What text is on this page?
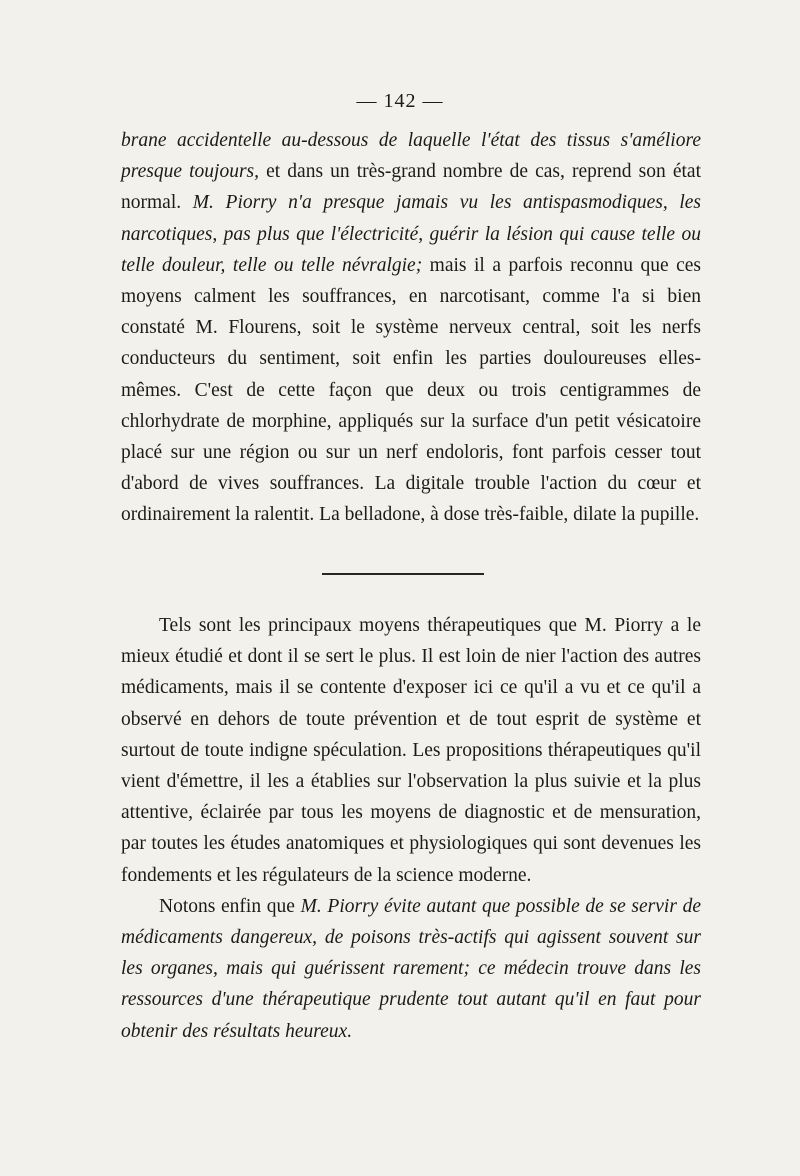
— 142 —

brane accidentelle au-dessous de laquelle l'état des tissus s'améliore presque toujours, et dans un très-grand nombre de cas, reprend son état normal. M. Piorry n'a presque jamais vu les antispasmodiques, les narcotiques, pas plus que l'électricité, guérir la lésion qui cause telle ou telle douleur, telle ou telle névralgie; mais il a parfois reconnu que ces moyens calment les souffrances, en narcotisant, comme l'a si bien constaté M. Flourens, soit le système nerveux central, soit les nerfs conducteurs du sentiment, soit enfin les parties douloureuses elles-mêmes. C'est de cette façon que deux ou trois centigrammes de chlorhydrate de morphine, appliqués sur la surface d'un petit vésicatoire placé sur une région ou sur un nerf endoloris, font parfois cesser tout d'abord de vives souffrances. La digitale trouble l'action du cœur et ordinairement la ralentit. La belladone, à dose très-faible, dilate la pupille.

Tels sont les principaux moyens thérapeutiques que M. Piorry a le mieux étudié et dont il se sert le plus. Il est loin de nier l'action des autres médicaments, mais il se contente d'exposer ici ce qu'il a vu et ce qu'il a observé en dehors de toute prévention et de tout esprit de système et surtout de toute indigne spéculation. Les propositions thérapeutiques qu'il vient d'émettre, il les a établies sur l'observation la plus suivie et la plus attentive, éclairée par tous les moyens de diagnostic et de mensuration, par toutes les études anatomiques et physiologiques qui sont devenues les fondements et les régulateurs de la science moderne.

Notons enfin que M. Piorry évite autant que possible de se servir de médicaments dangereux, de poisons très-actifs qui agissent souvent sur les organes, mais qui guérissent rarement; ce médecin trouve dans les ressources d'une thérapeutique prudente tout autant qu'il en faut pour obtenir des résultats heureux.
